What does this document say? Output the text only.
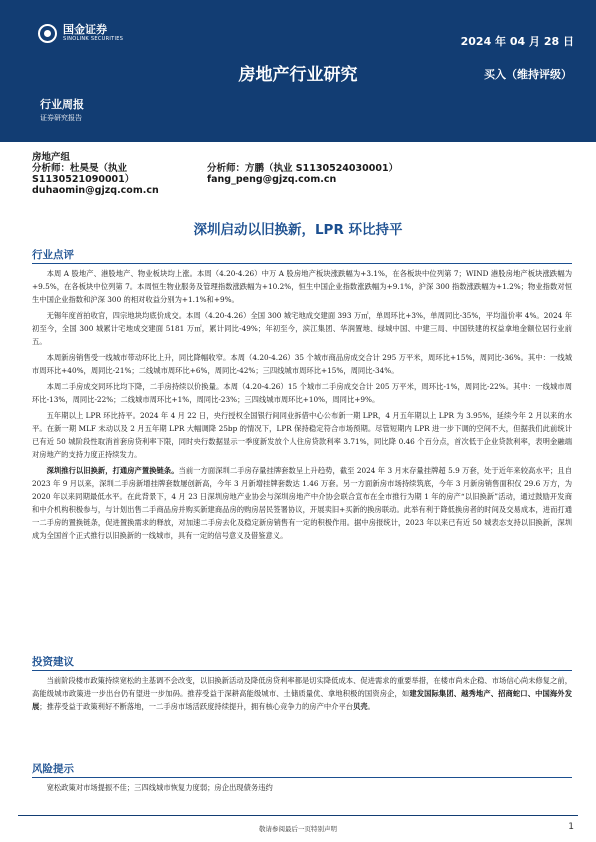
国金证券
SINOLINK SECURITIES	2024 年 04 月 28 日
房地产行业研究	买入（维持评级）
行业周报
证券研究报告
房地产组
分析师：杜昊旻（执业	分析师：方鹏（执业 S1130524030001）
S1130521090001）	fang_peng@gjzq.com.cn
duhaomin@gjzq.com.cn
深圳启动以旧换新，LPR 环比持平
行业点评

本周 A 股地产、港股地产、物业板块均上涨。本周（4.20-4.26）中万 A 股房地产板块涨跌幅为+3.1%，在各板块中位列第 7；WIND 港股房地产板块涨跌幅为+9.5%，在各板块中位列第 7。本周恒生物业服务及管理指数涨跌幅为+10.2%，恒生中国企业指数涨跌幅为+9.1%，沪深 300 指数涨跌幅为+1.2%；物业指数对恒生中国企业指数和沪深 300 的相对收益分别为+1.1%和+9%。

无锡年度首拍收官，四宗地块均底价成交。本周（4.20-4.26）全国 300 城宅地成交建面 393 万㎡，单周环比+3%，单周同比-35%，平均溢价率 4%。2024 年初至今，全国 300 城累计宅地成交建面 5181 万㎡，累计同比-49%；年初至今，滨江集团、华润置地、绿城中国、中建三局、中国铁建的权益拿地金额位居行业前五。

本周新房销售受一线城市带动环比上升，同比降幅收窄。本周（4.20-4.26）35 个城市商品房成交合计 295 万平米，周环比+15%，周同比-36%。其中：一线城市周环比+40%，周同比-21%；二线城市周环比+6%，周同比-42%；三四线城市周环比+15%，周同比-34%。

本周二手房成交同环比均下降，二手房持续以价换量。本周（4.20-4.26）15 个城市二手房成交合计 205 万平米，周环比-1%，周同比-22%。其中：一线城市周环比-13%，周同比-22%；二线城市周环比+1%，周同比-23%；三四线城市周环比+10%，周同比+9%。

五年期以上 LPR 环比持平。2024 年 4 月 22 日，央行授权全国银行间同业拆借中心公布新一期 LPR，4 月五年期以上 LPR 为 3.95%，延续今年 2 月以来的水平。在新一期 MLF 未动以及 2 月五年期 LPR 大幅调降 25bp 的情况下，LPR 保持稳定符合市场预期。尽管短期内 LPR 进一步下调的空间不大，但据我们此前统计已有近 50 城阶段性取消首套房贷利率下限，同时央行数据显示一季度新发放个人住房贷款利率 3.71%，同比降 0.46 个百分点，首次低于企业贷款利率，表明金融端对房地产的支持力度正持续发力。

深圳推行以旧换新，打通房产置换链条。当前一方面深圳二手房存量挂牌套数呈上升趋势，截至 2024 年 3 月末存量挂牌超 5.9 万套，处于近年来较高水平；且自 2023 年 9 月以来，深圳二手房新增挂牌套数屡创新高，今年 3 月新增挂牌套数达 1.46 万套。另一方面新房市场持续筑底，今年 3 月新房销售面积仅 29.6 万方，为 2020 年以来同期最低水平。在此背景下，4 月 23 日深圳房地产业协会与深圳房地产中介协会联合宣布在全市推行为期 1 年的房产“以旧换新”活动，通过鼓励开发商和中介机构积极参与，与计划出售二手商品房并购买新建商品房的购房居民签署协议，开展卖旧+买新的换房联动。此举有利于降低换房者的时间及交易成本，进而打通一二手房的置换链条，促进置换需求的释放，对加速二手房去化及稳定新房销售有一定的积极作用。据中房报统计，2023 年以来已有近 50 城表态支持以旧换新，深圳成为全国首个正式推行以旧换新的一线城市，具有一定的信号意义及借鉴意义。

投资建议

当前阶段楼市政策持续宽松的主基调不会改变，以旧换新活动及降低房贷利率都是切实降低成本、促进需求的重要举措，在楼市尚未企稳、市场信心尚未修复之前，高能级城市政策进一步出台仍有望进一步加码。推荐受益于深耕高能级城市、土储质量优、拿地积极的国资房企，如建发国际集团、越秀地产、招商蛇口、中国海外发展；推荐受益于政策利好不断落地，一二手房市场活跃度持续提升，拥有核心竞争力的房产中介平台贝壳。

风险提示

宽松政策对市场提振不佳；三四线城市恢复力度弱；房企出现债务违约

敬请参阅最后一页特别声明	1
